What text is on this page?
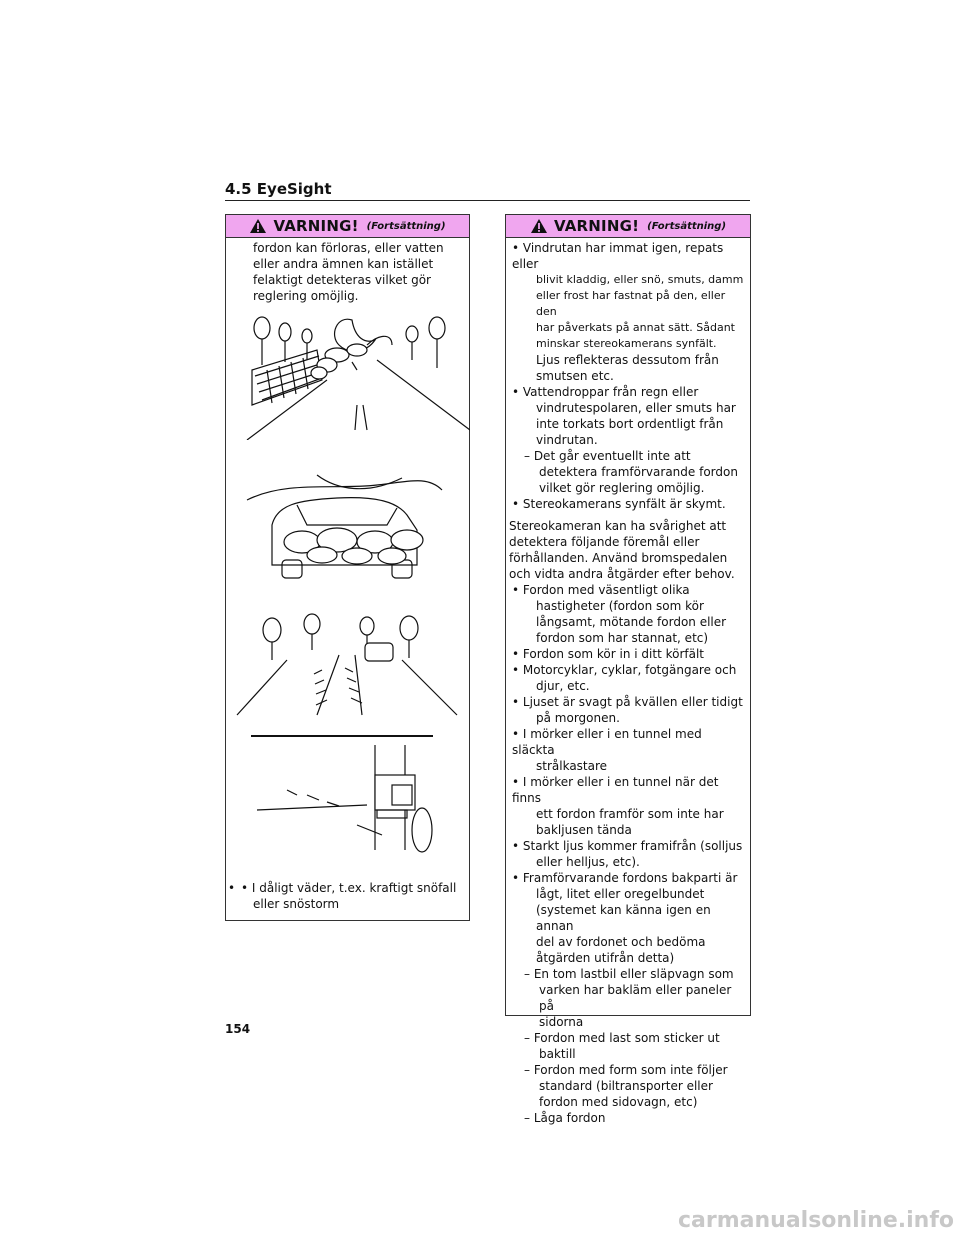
4.5 EyeSight
VARNING! (Fortsättning)
fordon kan förloras, eller vatten
eller andra ämnen kan istället
felaktigt detekteras vilket gör
reglering omöjlig.
• • I dåligt väder, t.ex. kraftigt snöfall
eller snöstorm
VARNING! (Fortsättning)
• Vindrutan har immat igen, repats eller
blivit kladdig, eller snö, smuts, damm
eller frost har fastnat på den, eller den
har påverkats på annat sätt. Sådant
minskar stereokamerans synfält.
Ljus reflekteras dessutom från
smutsen etc.
• Vattendroppar från regn eller
vindrutespolaren, eller smuts har
inte torkats bort ordentligt från
vindrutan.
– Det går eventuellt inte att
detektera framförvarande fordon
vilket gör reglering omöjlig.
• Stereokamerans synfält är skymt.
Stereokameran kan ha svårighet att
detektera följande föremål eller
förhållanden. Använd bromspedalen
och vidta andra åtgärder efter behov.
• Fordon med väsentligt olika
hastigheter (fordon som kör
långsamt, mötande fordon eller
fordon som har stannat, etc)
• Fordon som kör in i ditt körfält
• Motorcyklar, cyklar, fotgängare och
djur, etc.
• Ljuset är svagt på kvällen eller tidigt
på morgonen.
• I mörker eller i en tunnel med släckta
strålkastare
• I mörker eller i en tunnel när det finns
ett fordon framför som inte har
bakljusen tända
• Starkt ljus kommer framifrån (solljus
eller helljus, etc).
• Framförvarande fordons bakparti är
lågt, litet eller oregelbundet
(systemet kan känna igen en annan
del av fordonet och bedöma
åtgärden utifrån detta)
– En tom lastbil eller släpvagn som
varken har bakläm eller paneler på
sidorna
– Fordon med last som sticker ut
baktill
– Fordon med form som inte följer
standard (biltransporter eller
fordon med sidovagn, etc)
– Låga fordon
154
carmanualsonline.info
